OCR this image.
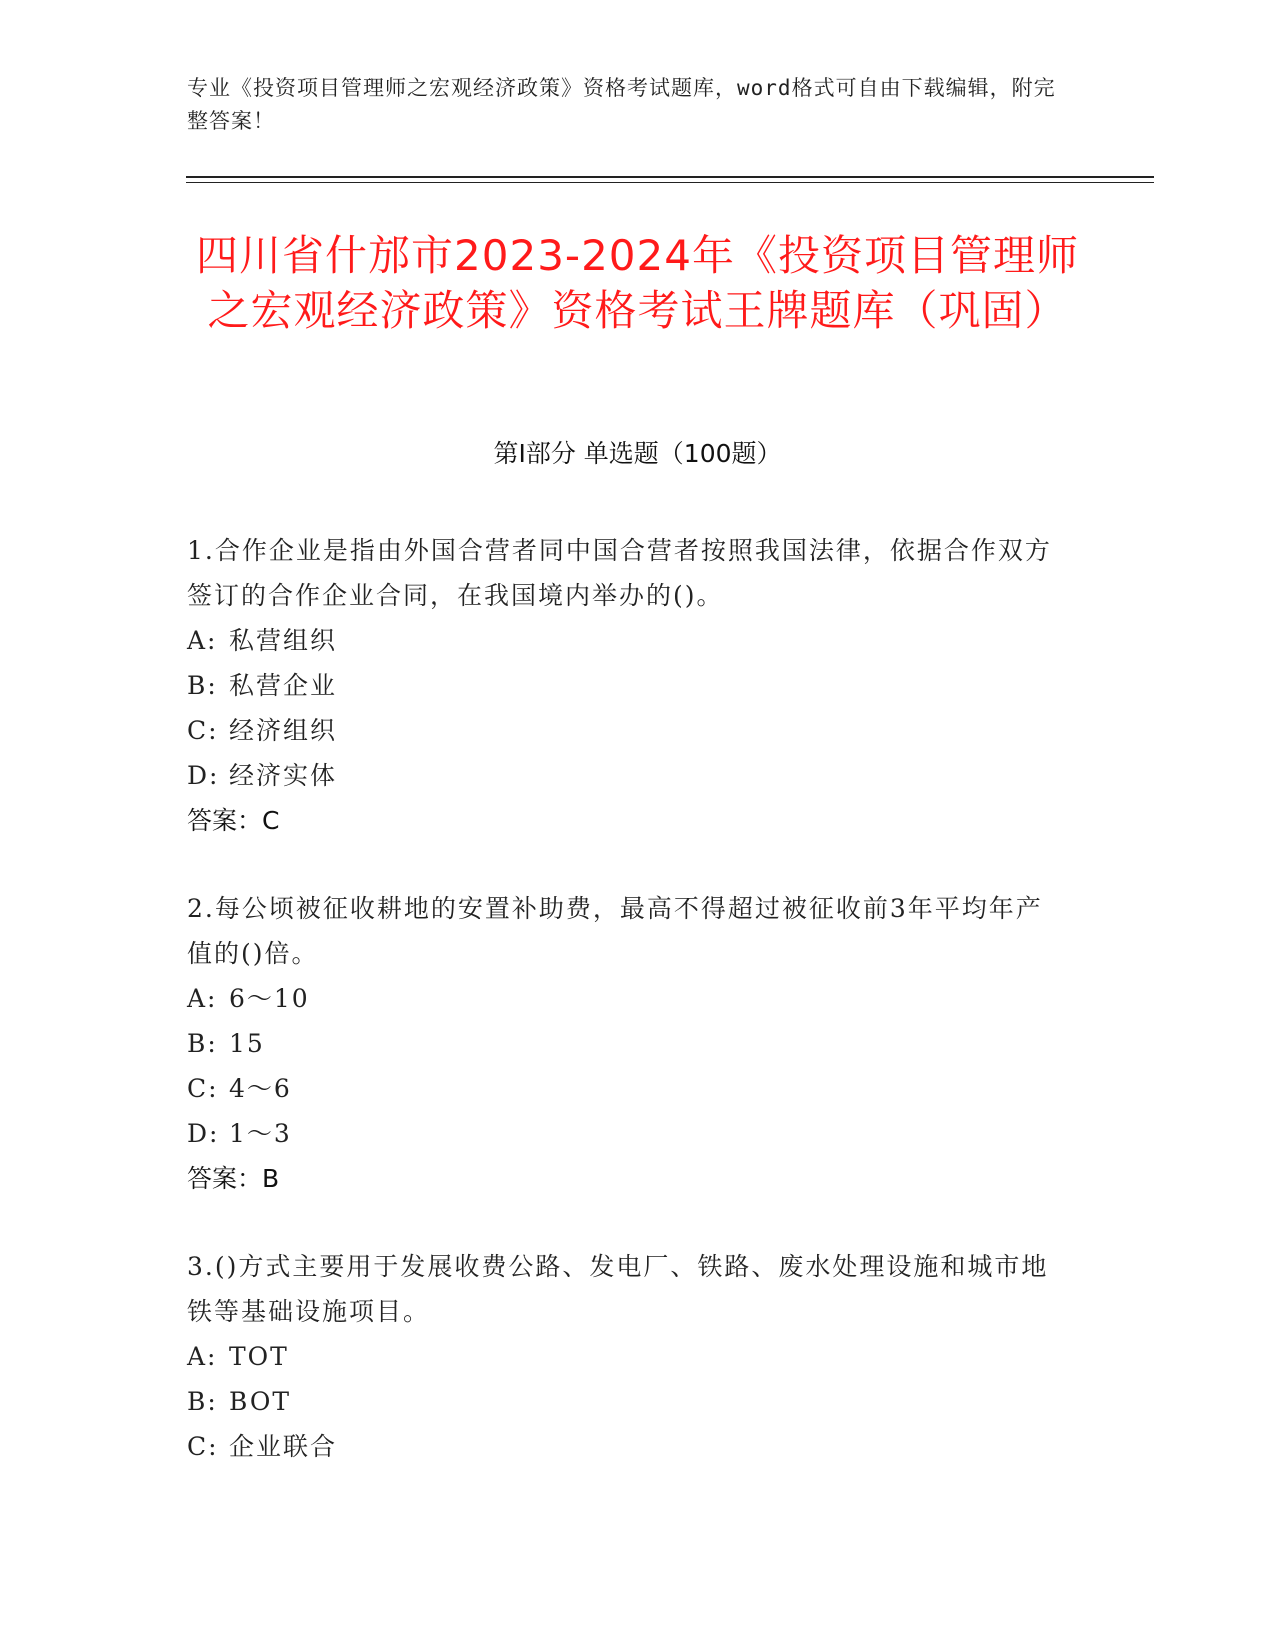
专业《投资项目管理师之宏观经济政策》资格考试题库，word格式可自由下载编辑，附完整答案！
四川省什邡市2023-2024年《投资项目管理师之宏观经济政策》资格考试王牌题库（巩固）
第I部分 单选题（100题）
1.合作企业是指由外国合营者同中国合营者按照我国法律，依据合作双方签订的合作企业合同，在我国境内举办的()。
A: 私营组织
B: 私营企业
C: 经济组织
D: 经济实体
答案：C
2.每公顷被征收耕地的安置补助费，最高不得超过被征收前3年平均年产值的()倍。
A: 6～10
B: 15
C: 4～6
D: 1～3
答案：B
3.()方式主要用于发展收费公路、发电厂、铁路、废水处理设施和城市地铁等基础设施项目。
A: TOT
B: BOT
C: 企业联合
